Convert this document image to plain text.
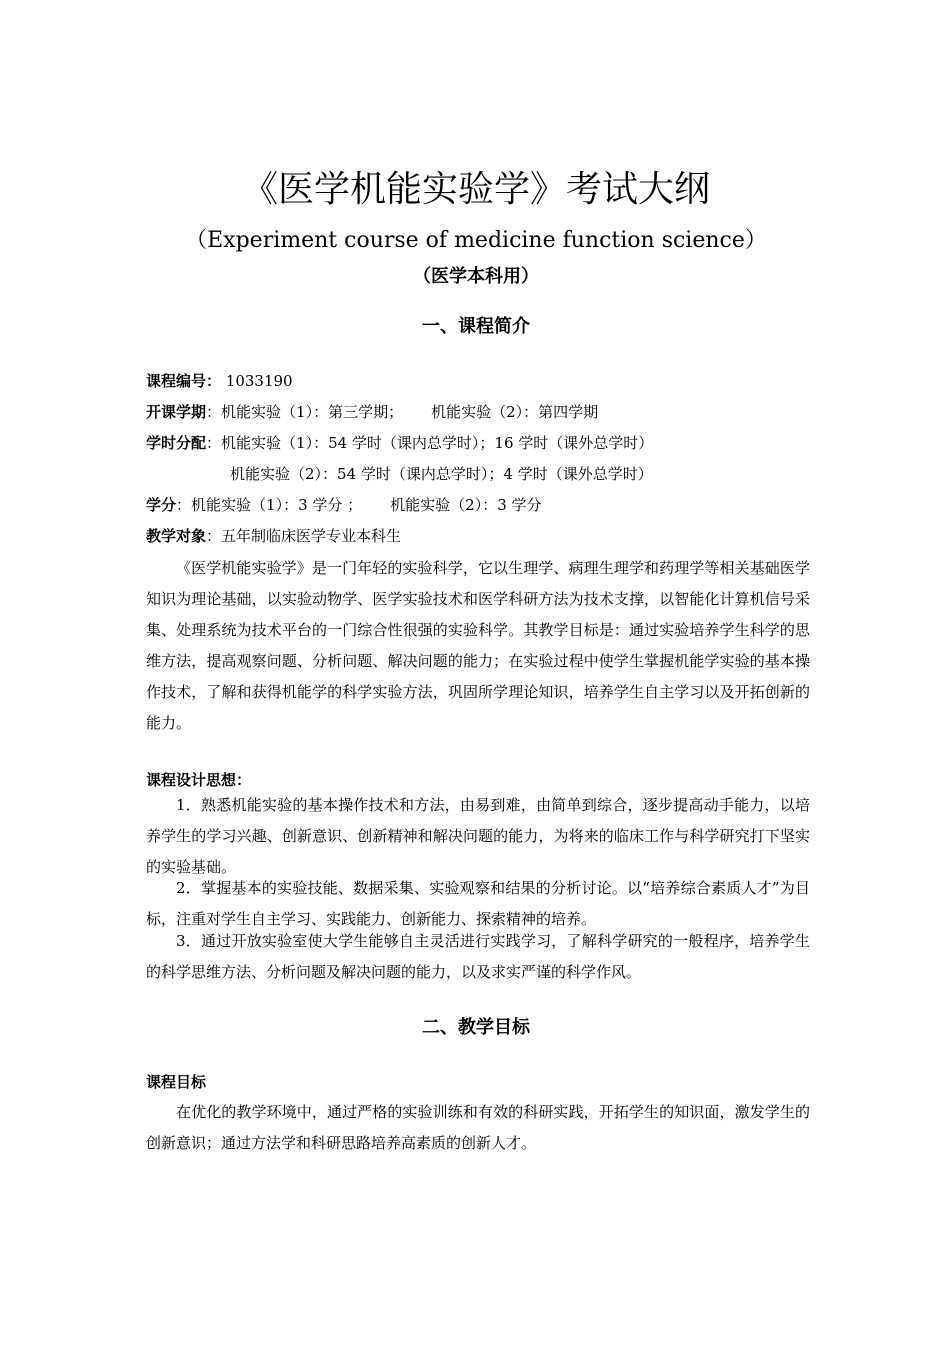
《医学机能实验学》考试大纲
（Experiment course of medicine function science）
（医学本科用）
一、课程简介
课程编号： 1033190
开课学期：机能实验（1）：第三学期； 机能实验（2）：第四学期
学时分配：机能实验（1）：54 学时（课内总学时）；16 学时（课外总学时）
机能实验（2）：54 学时（课内总学时）；4 学时（课外总学时）
学分：机能实验（1）：3 学分 ； 机能实验（2）：3 学分
教学对象：五年制临床医学专业本科生

《医学机能实验学》是一门年轻的实验科学，它以生理学、病理生理学和药理学等相关基础医学知识为理论基础，以实验动物学、医学实验技术和医学科研方法为技术支撑，以智能化计算机信号采集、处理系统为技术平台的一门综合性很强的实验科学。其教学目标是：通过实验培养学生科学的思维方法，提高观察问题、分析问题、解决问题的能力；在实验过程中使学生掌握机能学实验的基本操作技术，了解和获得机能学的科学实验方法，巩固所学理论知识，培养学生自主学习以及开拓创新的能力。

课程设计思想：

1．熟悉机能实验的基本操作技术和方法，由易到难，由简单到综合，逐步提高动手能力，以培养学生的学习兴趣、创新意识、创新精神和解决问题的能力，为将来的临床工作与科学研究打下坚实的实验基础。

2．掌握基本的实验技能、数据采集、实验观察和结果的分析讨论。以“培养综合素质人才”为目标，注重对学生自主学习、实践能力、创新能力、探索精神的培养。

3．通过开放实验室使大学生能够自主灵活进行实践学习，了解科学研究的一般程序，培养学生的科学思维方法、分析问题及解决问题的能力，以及求实严谨的科学作风。

二、教学目标
课程目标

在优化的教学环境中，通过严格的实验训练和有效的科研实践，开拓学生的知识面，激发学生的创新意识；通过方法学和科研思路培养高素质的创新人才。
